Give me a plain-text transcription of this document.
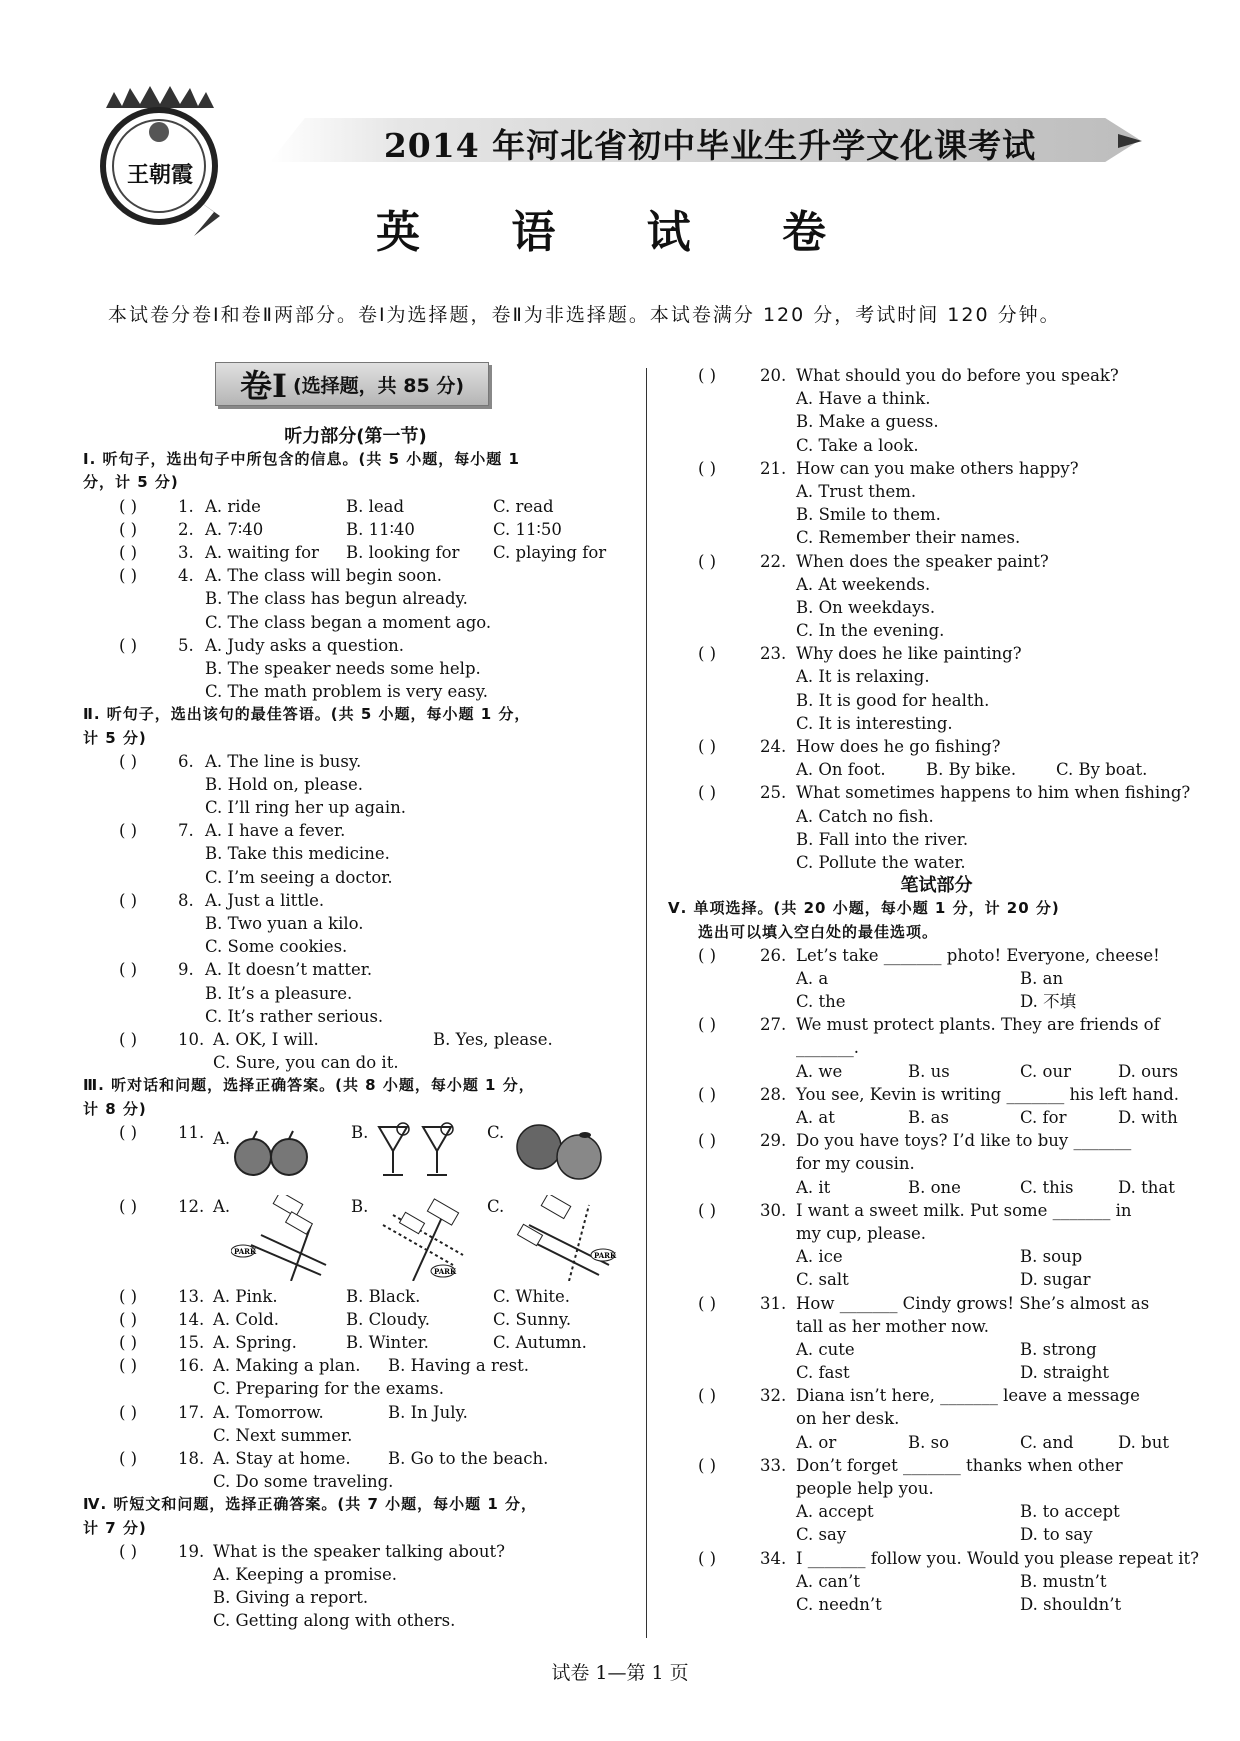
王朝霞
2014 年河北省初中毕业生升学文化课考试
英 语 试 卷
本试卷分卷Ⅰ和卷Ⅱ两部分。卷Ⅰ为选择题，卷Ⅱ为非选择题。本试卷满分 120 分，考试时间 120 分钟。
卷Ⅰ (选择题，共 85 分)
听力部分(第一节)
Ⅰ. 听句子，选出句子中所包含的信息。(共 5 小题，每小题 1
分，计 5 分)
( ) 1. A. ride	B. lead	C. read
( ) 2. A. 7∶40	B. 11∶40	C. 11∶50
( ) 3. A. waiting for B. looking for C. playing for
( ) 4. A. The class will begin soon.
B. The class has begun already.
C. The class began a moment ago.
( ) 5. A. Judy asks a question.
B. The speaker needs some help.
C. The math problem is very easy.
Ⅱ. 听句子，选出该句的最佳答语。(共 5 小题，每小题 1 分，
计 5 分)
( ) 6. A. The line is busy.
B. Hold on, please.
C. I’ll ring her up again.
( ) 7. A. I have a fever.
B. Take this medicine.
C. I’m seeing a doctor.
( ) 8. A. Just a little.
B. Two yuan a kilo.
C. Some cookies.
( ) 9. A. It doesn’t matter.
B. It’s a pleasure.
C. It’s rather serious.
( ) 10. A. OK, I will.	B. Yes, please.
C. Sure, you can do it.
Ⅲ. 听对话和问题，选择正确答案。(共 8 小题，每小题 1 分，
计 8 分)
( ) 11. A.	B.	C.
( ) 12. A.
PARK
B.
PARK
C.
PARK
( ) 13. A. Pink.	B. Black.	C. White.
( ) 14. A. Cold.	B. Cloudy.	C. Sunny.
( ) 15. A. Spring.	B. Winter.	C. Autumn.
( ) 16. A. Making a plan. B. Having a rest.
C. Preparing for the exams.
( ) 17. A. Tomorrow.	B. In July.
C. Next summer.
( ) 18. A. Stay at home. B. Go to the beach.
C. Do some traveling.
Ⅳ. 听短文和问题，选择正确答案。(共 7 小题，每小题 1 分，
计 7 分)
( ) 19. What is the speaker talking about?
A. Keeping a promise.
B. Giving a report.
C. Getting along with others.
( )	20. What should you do before you speak?
A. Have a think.
B. Make a guess.
C. Take a look.
( )	21. How can you make others happy?
A. Trust them.
B. Smile to them.
C. Remember their names.
( )	22. When does the speaker paint?
A. At weekends.
B. On weekdays.
C. In the evening.
( )	23. Why does he like painting?
A. It is relaxing.
B. It is good for health.
C. It is interesting.
( )	24. How does he go fishing?
A. On foot. B. By bike. C. By boat.
( )	25. What sometimes happens to him when fishing?
A. Catch no fish.
B. Fall into the river.
C. Pollute the water.
笔试部分
Ⅴ. 单项选择。(共 20 小题，每小题 1 分，计 20 分)
选出可以填入空白处的最佳选项。
( )	26. Let’s take _______ photo! Everyone, cheese!
A. a	B. an
C. the	D. 不填
( )	27. We must protect plants. They are friends of
_______.
A. we	B. us	C. our	D. ours
( )	28. You see, Kevin is writing _______ his left hand.
A. at	B. as	C. for	D. with
( )	29. Do you have toys? I’d like to buy _______
for my cousin.
A. it	B. one	C. this	D. that
( )	30. I want a sweet milk. Put some _______ in
my cup, please.
A. ice	B. soup
C. salt	D. sugar
( )	31. How _______ Cindy grows! She’s almost as
tall as her mother now.
A. cute	B. strong
C. fast	D. straight
( )	32. Diana isn’t here, _______ leave a message
on her desk.
A. or	B. so	C. and	D. but
( )	33. Don’t forget _______ thanks when other
people help you.
A. accept	B. to accept
C. say	D. to say
( )	34. I _______ follow you. Would you please repeat it?
A. can’t	B. mustn’t
C. needn’t	D. shouldn’t
试卷 1—第 1 页
